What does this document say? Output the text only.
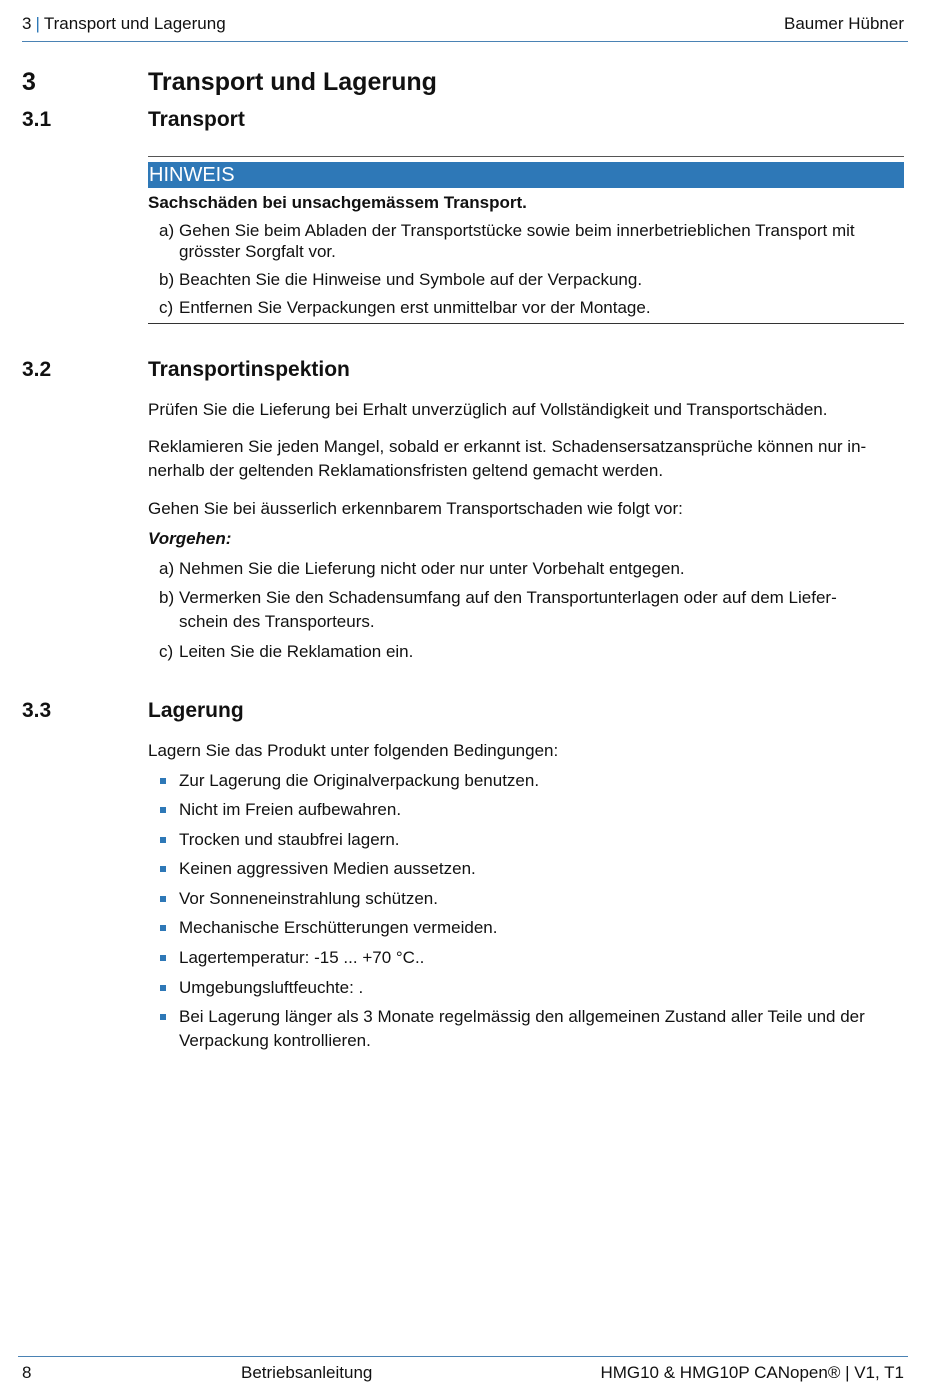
3 | Transport und Lagerung	Baumer Hübner
3	Transport und Lagerung
3.1	Transport
HINWEIS
Sachschäden bei unsachgemässem Transport.
a) Gehen Sie beim Abladen der Transportstücke sowie beim innerbetrieblichen Transport mit grösster Sorgfalt vor.
b) Beachten Sie die Hinweise und Symbole auf der Verpackung.
c) Entfernen Sie Verpackungen erst unmittelbar vor der Montage.
3.2	Transportinspektion
Prüfen Sie die Lieferung bei Erhalt unverzüglich auf Vollständigkeit und Transportschäden.
Reklamieren Sie jeden Mangel, sobald er erkannt ist. Schadensersatzansprüche können nur innerhalb der geltenden Reklamationsfristen geltend gemacht werden.
Gehen Sie bei äusserlich erkennbarem Transportschaden wie folgt vor:
Vorgehen:
a) Nehmen Sie die Lieferung nicht oder nur unter Vorbehalt entgegen.
b) Vermerken Sie den Schadensumfang auf den Transportunterlagen oder auf dem Lieferschein des Transporteurs.
c) Leiten Sie die Reklamation ein.
3.3	Lagerung
Lagern Sie das Produkt unter folgenden Bedingungen:
Zur Lagerung die Originalverpackung benutzen.
Nicht im Freien aufbewahren.
Trocken und staubfrei lagern.
Keinen aggressiven Medien aussetzen.
Vor Sonneneinstrahlung schützen.
Mechanische Erschütterungen vermeiden.
Lagertemperatur: -15 ... +70 °C..
Umgebungsluftfeuchte: .
Bei Lagerung länger als 3 Monate regelmässig den allgemeinen Zustand aller Teile und der Verpackung kontrollieren.
8	Betriebsanleitung	HMG10 & HMG10P CANopen® | V1, T1
